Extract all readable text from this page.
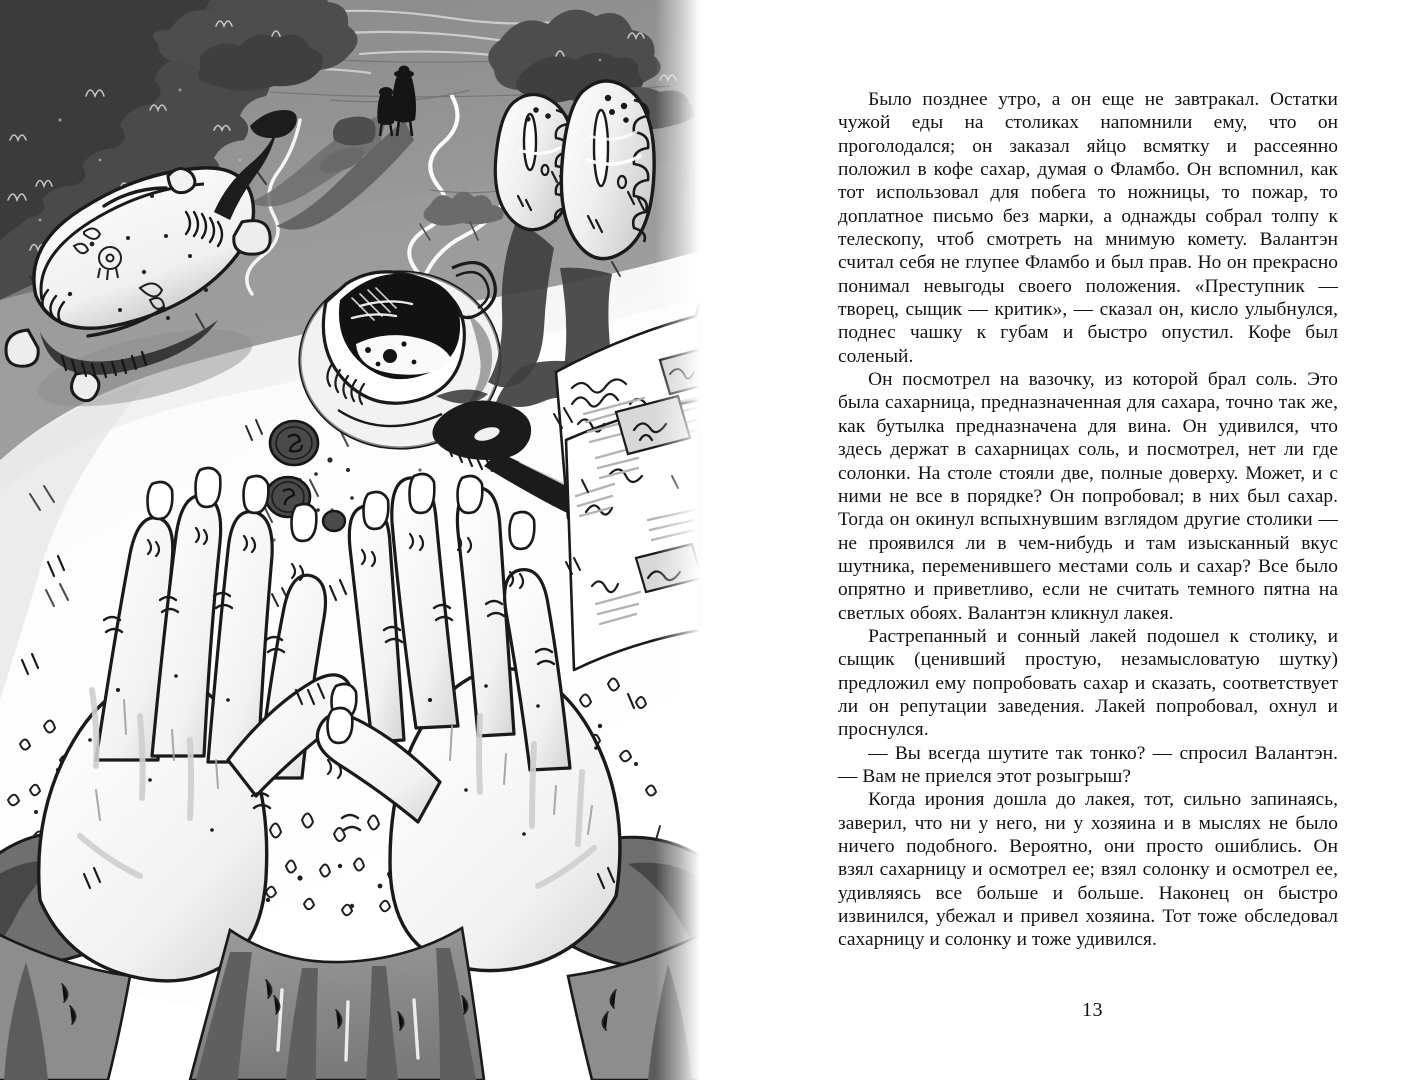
Было позднее утро, а он еще не завтракал. Остатки чужой еды на столиках напомнили ему, что он проголодался; он заказал яйцо всмятку и рассеянно положил в кофе сахар, думая о Фламбо. Он вспомнил, как тот использовал для побега то ножницы, то пожар, то доплатное письмо без марки, а однажды собрал толпу к телескопу, чтоб смотреть на мнимую комету. Валантэн считал себя не глупее Фламбо и был прав. Но он прекрасно понимал невыгоды своего положения. «Преступник — творец, сыщик — критик», — сказал он, кисло улыбнулся, поднес чашку к губам и быстро опустил. Кофе был соленый.

Он посмотрел на вазочку, из которой брал соль. Это была сахарница, предназначенная для сахара, точно так же, как бутылка предназначена для вина. Он удивился, что здесь держат в сахарницах соль, и посмотрел, нет ли где солонки. На столе стояли две, полные доверху. Может, и с ними не все в порядке? Он попробовал; в них был сахар. Тогда он окинул вспыхнувшим взглядом другие столики — не проявился ли в чем-нибудь и там изысканный вкус шутника, переменившего местами соль и сахар? Все было опрятно и приветливо, если не считать темного пятна на светлых обоях. Валантэн кликнул лакея.

Растрепанный и сонный лакей подошел к столику, и сыщик (ценивший простую, незамысловатую шутку) предложил ему попробовать сахар и сказать, соответствует ли он репутации заведения. Лакей попробовал, охнул и проснулся.

— Вы всегда шутите так тонко? — спросил Валантэн. — Вам не приелся этот розыгрыш?

Когда ирония дошла до лакея, тот, сильно запинаясь, заверил, что ни у него, ни у хозяина и в мыслях не было ничего подобного. Вероятно, они просто ошиблись. Он взял сахарницу и осмотрел ее; взял солонку и осмотрел ее, удивляясь все больше и больше. Наконец он быстро извинился, убежал и привел хозяина. Тот тоже обследовал сахарницу и солонку и тоже удивился.

13
